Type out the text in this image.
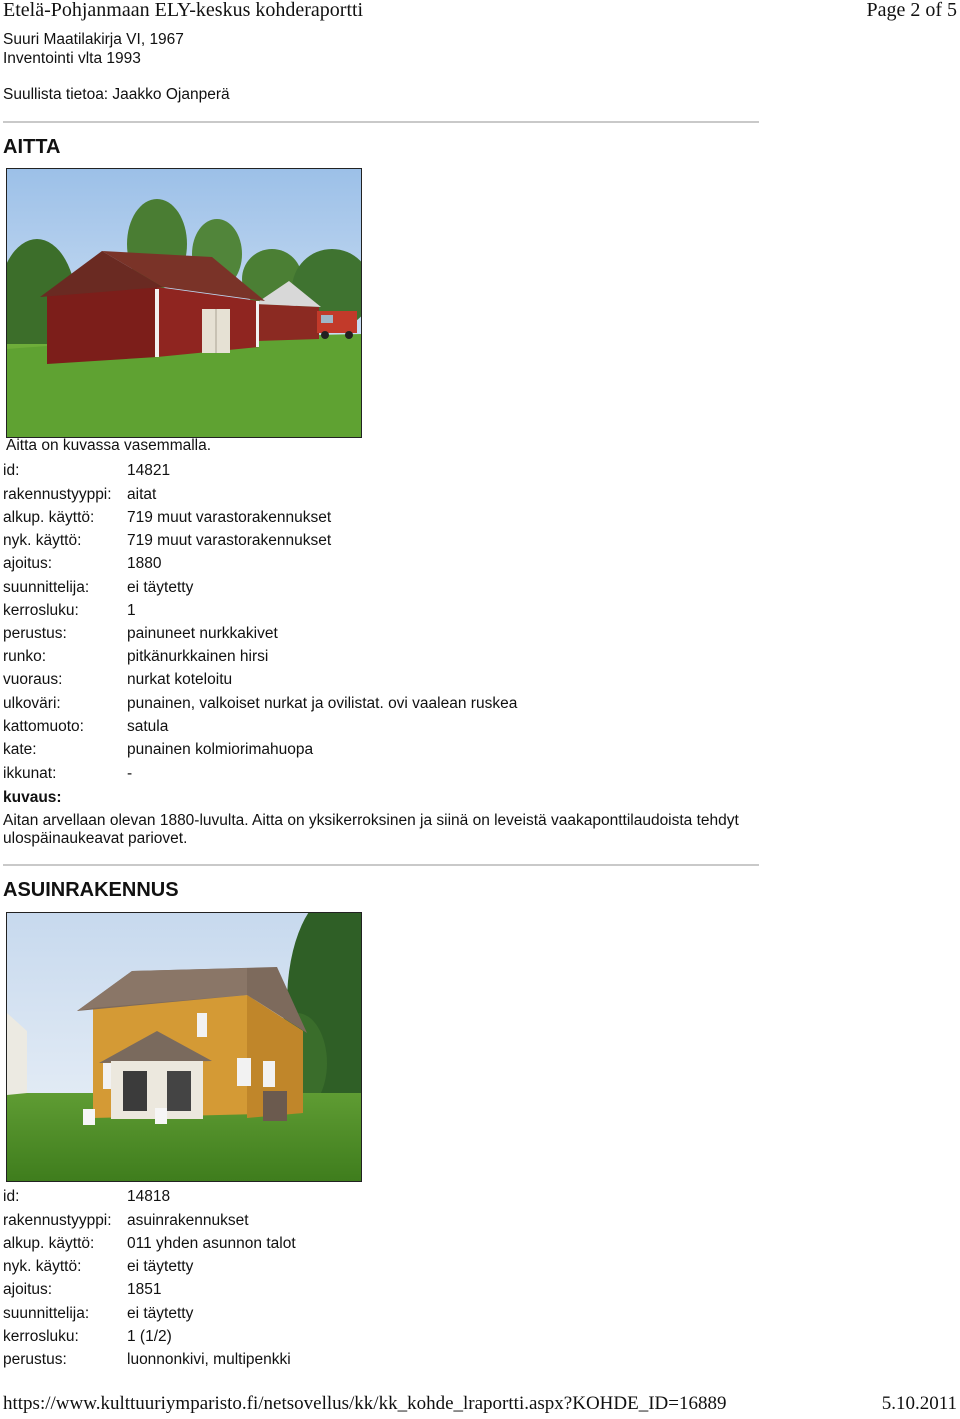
Etelä-Pohjanmaan ELY-keskus kohderaportti	Page 2 of 5
Suuri Maatilakirja VI, 1967
Inventointi vlta 1993
Suullista tietoa: Jaakko Ojanperä
AITTA
Aitta on kuvassa vasemmalla.
id:	14821
rakennustyyppi: aitat
alkup. käyttö: 719 muut varastorakennukset
nyk. käyttö:	719 muut varastorakennukset
ajoitus:	1880
suunnittelija: ei täytetty
kerrosluku:	1
perustus:	painuneet nurkkakivet
runko:	pitkänurkkainen hirsi
vuoraus:	nurkat koteloitu
ulkoväri:	punainen, valkoiset nurkat ja ovilistat. ovi vaalean ruskea
kattomuoto:	satula
kate:	punainen kolmiorimahuopa
ikkunat:	-
kuvaus:
Aitan arvellaan olevan 1880-luvulta. Aitta on yksikerroksinen ja siinä on leveistä vaakaponttilaudoista tehdyt ulospäinaukeavat pariovet.
ASUINRAKENNUS
id:	14818
rakennustyyppi: asuinrakennukset
alkup. käyttö: 011 yhden asunnon talot
nyk. käyttö:	ei täytetty
ajoitus:	1851
suunnittelija: ei täytetty
kerrosluku:	1 (1/2)
perustus:	luonnonkivi, multipenkki
https://www.kulttuuriymparisto.fi/netsovellus/kk/kk_kohde_lraportti.aspx?KOHDE_ID=16889	5.10.2011
